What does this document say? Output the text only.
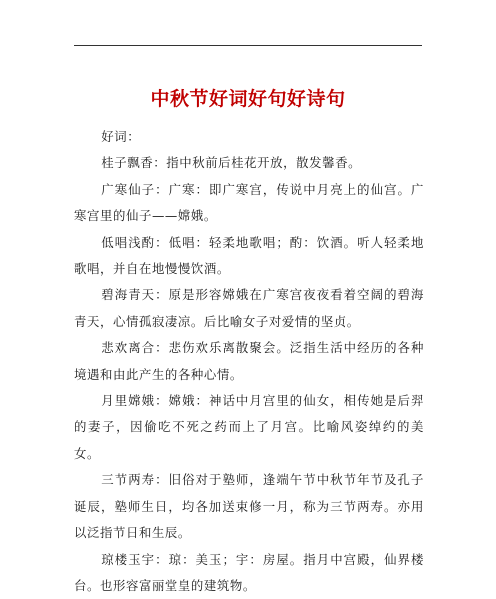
中秋节好词好句好诗句

好词：

桂子飘香：指中秋前后桂花开放，散发馨香。

广寒仙子：广寒：即广寒宫，传说中月亮上的仙宫。广寒宫里的仙子——嫦娥。

低唱浅酌：低唱：轻柔地歌唱；酌：饮酒。听人轻柔地歌唱，并自在地慢慢饮酒。

碧海青天：原是形容嫦娥在广寒宫夜夜看着空阔的碧海青天，心情孤寂凄凉。后比喻女子对爱情的坚贞。

悲欢离合：悲伤欢乐离散聚会。泛指生活中经历的各种境遇和由此产生的各种心情。

月里嫦娥：嫦娥：神话中月宫里的仙女，相传她是后羿的妻子，因偷吃不死之药而上了月宫。比喻风姿绰约的美女。

三节两寿：旧俗对于塾师，逢端午节中秋节年节及孔子诞辰，塾师生日，均各加送束修一月，称为三节两寿。亦用以泛指节日和生辰。

琼楼玉宇：琼：美玉；宇：房屋。指月中宫殿，仙界楼台。也形容富丽堂皇的建筑物。
